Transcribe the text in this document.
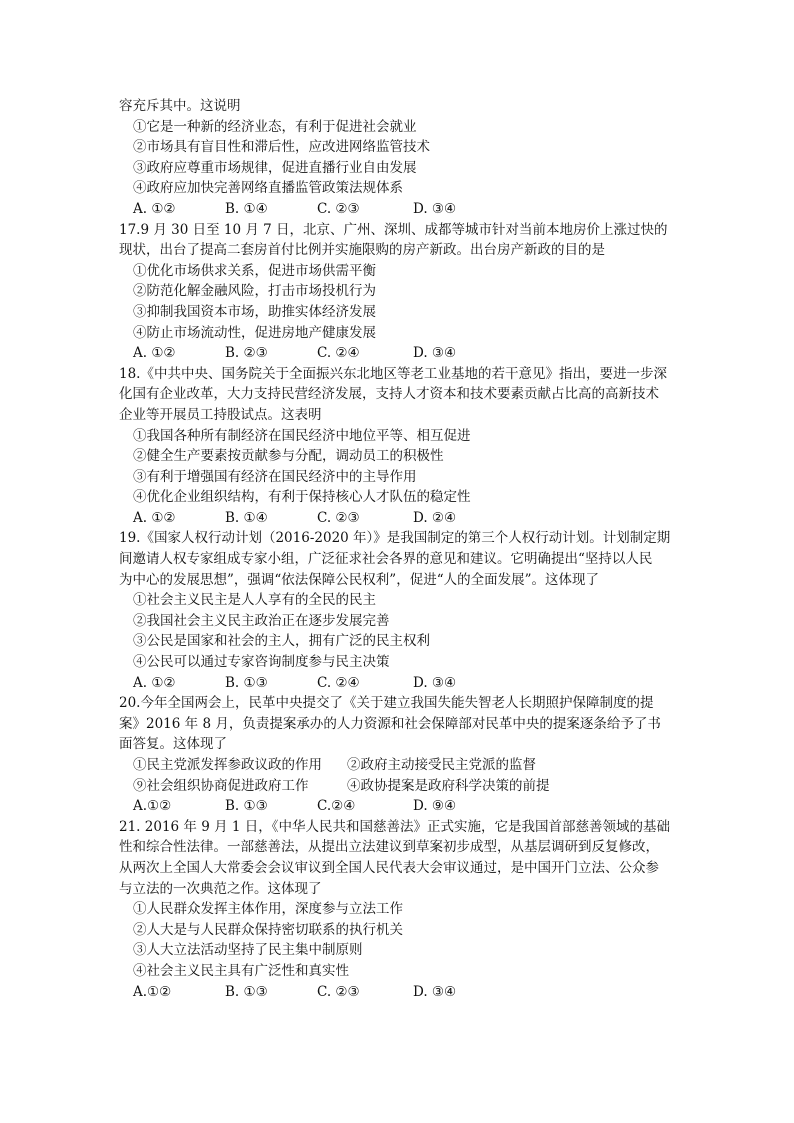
容充斥其中。这说明
①它是一种新的经济业态，有利于促进社会就业
②市场具有盲目性和滞后性，应改进网络监管技术
③政府应尊重市场规律，促进直播行业自由发展
④政府应加快完善网络直播监管政策法规体系
A. ①②	B. ①④	C. ②③	D. ③④
17.9 月 30 日至 10 月 7 日，北京、广州、深圳、成都等城市针对当前本地房价上涨过快的
现状，出台了提高二套房首付比例并实施限购的房产新政。出台房产新政的目的是
①优化市场供求关系，促进市场供需平衡
②防范化解金融风险，打击市场投机行为
③抑制我国资本市场，助推实体经济发展
④防止市场流动性，促进房地产健康发展
A. ①②	B. ②③	C. ②④	D. ③④
18.《中共中央、国务院关于全面振兴东北地区等老工业基地的若干意见》指出，要进一步深
化国有企业改革，大力支持民营经济发展，支持人才资本和技术要素贡献占比高的高新技术
企业等开展员工持股试点。这表明
①我国各种所有制经济在国民经济中地位平等、相互促进
②健全生产要素按贡献参与分配，调动员工的积极性
③有利于增强国有经济在国民经济中的主导作用
④优化企业组织结构，有利于保持核心人才队伍的稳定性
A. ①②	B. ①④	C. ②③	D. ②④
19.《国家人权行动计划（2016-2020 年）》是我国制定的第三个人权行动计划。计划制定期
间邀请人权专家组成专家小组，广泛征求社会各界的意见和建议。它明确提出“坚持以人民
为中心的发展思想”，强调“依法保障公民权利”，促进“人的全面发展”。这体现了
①社会主义民主是人人享有的全民的民主
②我国社会主义民主政治正在逐步发展完善
③公民是国家和社会的主人，拥有广泛的民主权利
④公民可以通过专家咨询制度参与民主决策
A. ①②	B. ①③	C. ②④	D. ③④
20.今年全国两会上，民革中央提交了《关于建立我国失能失智老人长期照护保障制度的提
案》2016 年 8 月，负责提案承办的人力资源和社会保障部对民革中央的提案逐条给予了书
面答复。这体现了
①民主党派发挥参政议政的作用	②政府主动接受民主党派的监督
⑨社会组织协商促进政府工作	④政协提案是政府科学决策的前提
A.①②	B. ①③	C.②④	D. ⑨④
21. 2016 年 9 月 1 日，《中华人民共和国慈善法》正式实施，它是我国首部慈善领域的基础
性和综合性法律。一部慈善法，从提出立法建议到草案初步成型，从基层调研到反复修改，
从两次上全国人大常委会会议审议到全国人民代表大会审议通过，是中国开门立法、公众参
与立法的一次典范之作。这体现了
①人民群众发挥主体作用，深度参与立法工作
②人大是与人民群众保持密切联系的执行机关
③人大立法活动坚持了民主集中制原则
④社会主义民主具有广泛性和真实性
A.①②	B. ①③	C. ②③	D. ③④
